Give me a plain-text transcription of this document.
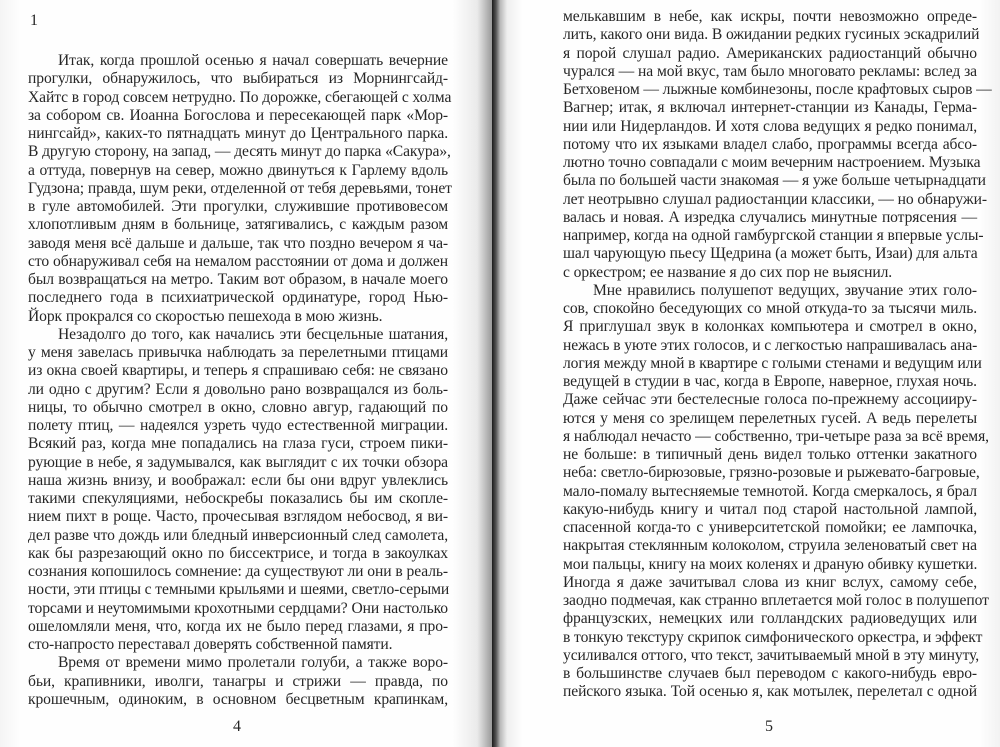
1
Итак, когда прошлой осенью я начал совершать вечерние
прогулки, обнаружилось, что выбираться из Морнингсайд-
Хайтс в город совсем нетрудно. По дорожке, сбегающей с холма
за собором св. Иоанна Богослова и пересекающей парк «Мор-
нингсайд», каких-то пятнадцать минут до Центрального парка.
В другую сторону, на запад, — десять минут до парка «Сакура»,
а оттуда, повернув на север, можно двинуться к Гарлему вдоль
Гудзона; правда, шум реки, отделенной от тебя деревьями, тонет
в гуле автомобилей. Эти прогулки, служившие противовесом
хлопотливым дням в больнице, затягивались, с каждым разом
заводя меня всё дальше и дальше, так что поздно вечером я ча-
сто обнаруживал себя на немалом расстоянии от дома и должен
был возвращаться на метро. Таким вот образом, в начале моего
последнего года в психиатрической ординатуре, город Нью-
Йорк прокрался со скоростью пешехода в мою жизнь.
Незадолго до того, как начались эти бесцельные шатания,
у меня завелась привычка наблюдать за перелетными птицами
из окна своей квартиры, и теперь я спрашиваю себя: не связано
ли одно с другим? Если я довольно рано возвращался из боль-
ницы, то обычно смотрел в окно, словно авгур, гадающий по
полету птиц, — надеялся узреть чудо естественной миграции.
Всякий раз, когда мне попадались на глаза гуси, строем пики-
рующие в небе, я задумывался, как выглядит с их точки обзора
наша жизнь внизу, и воображал: если бы они вдруг увлеклись
такими спекуляциями, небоскребы показались бы им скопле-
нием пихт в роще. Часто, прочесывая взглядом небосвод, я ви-
дел разве что дождь или бледный инверсионный след самолета,
как бы разрезающий окно по биссектрисе, и тогда в закоулках
сознания копошилось сомнение: да существуют ли они в реаль-
ности, эти птицы с темными крыльями и шеями, светло-серыми
торсами и неутомимыми крохотными сердцами? Они настолько
ошеломляли меня, что, когда их не было перед глазами, я про-
сто-напросто переставал доверять собственной памяти.
Время от времени мимо пролетали голуби, а также воро-
бьи, крапивники, иволги, танагры и стрижи — правда, по
крошечным, одиноким, в основном бесцветным крапинкам,
4
мелькавшим в небе, как искры, почти невозможно опреде-
лить, какого они вида. В ожидании редких гусиных эскадрилий
я порой слушал радио. Американских радиостанций обычно
чурался — на мой вкус, там было многовато рекламы: вслед за
Бетховеном — лыжные комбинезоны, после крафтовых сыров —
Вагнер; итак, я включал интернет-станции из Канады, Герма-
нии или Нидерландов. И хотя слова ведущих я редко понимал,
потому что их языками владел слабо, программы всегда абсо-
лютно точно совпадали с моим вечерним настроением. Музыка
была по большей части знакомая — я уже больше четырнадцати
лет неотрывно слушал радиостанции классики, — но обнаружи-
валась и новая. А изредка случались минутные потрясения —
например, когда на одной гамбургской станции я впервые услы-
шал чарующую пьесу Щедрина (а может быть, Изаи) для альта
с оркестром; ее название я до сих пор не выяснил.
Мне нравились полушепот ведущих, звучание этих голо-
сов, спокойно беседующих со мной откуда-то за тысячи миль.
Я приглушал звук в колонках компьютера и смотрел в окно,
нежась в уюте этих голосов, и с легкостью напрашивалась ана-
логия между мной в квартире с голыми стенами и ведущим или
ведущей в студии в час, когда в Европе, наверное, глухая ночь.
Даже сейчас эти бестелесные голоса по-прежнему ассоцииру-
ются у меня со зрелищем перелетных гусей. А ведь перелеты
я наблюдал нечасто — собственно, три-четыре раза за всё время,
не больше: в типичный день видел только оттенки закатного
неба: светло-бирюзовые, грязно-розовые и рыжевато-багровые,
мало-помалу вытесняемые темнотой. Когда смеркалось, я брал
какую-нибудь книгу и читал под старой настольной лампой,
спасенной когда-то с университетской помойки; ее лампочка,
накрытая стеклянным колоколом, струила зеленоватый свет на
мои пальцы, книгу на моих коленях и драную обивку кушетки.
Иногда я даже зачитывал слова из книг вслух, самому себе,
заодно подмечая, как странно вплетается мой голос в полушепот
французских, немецких или голландских радиоведущих или
в тонкую текстуру скрипок симфонического оркестра, и эффект
усиливался оттого, что текст, зачитываемый мной в эту минуту,
в большинстве случаев был переводом с какого-нибудь евро-
пейского языка. Той осенью я, как мотылек, перелетал с одной
5
